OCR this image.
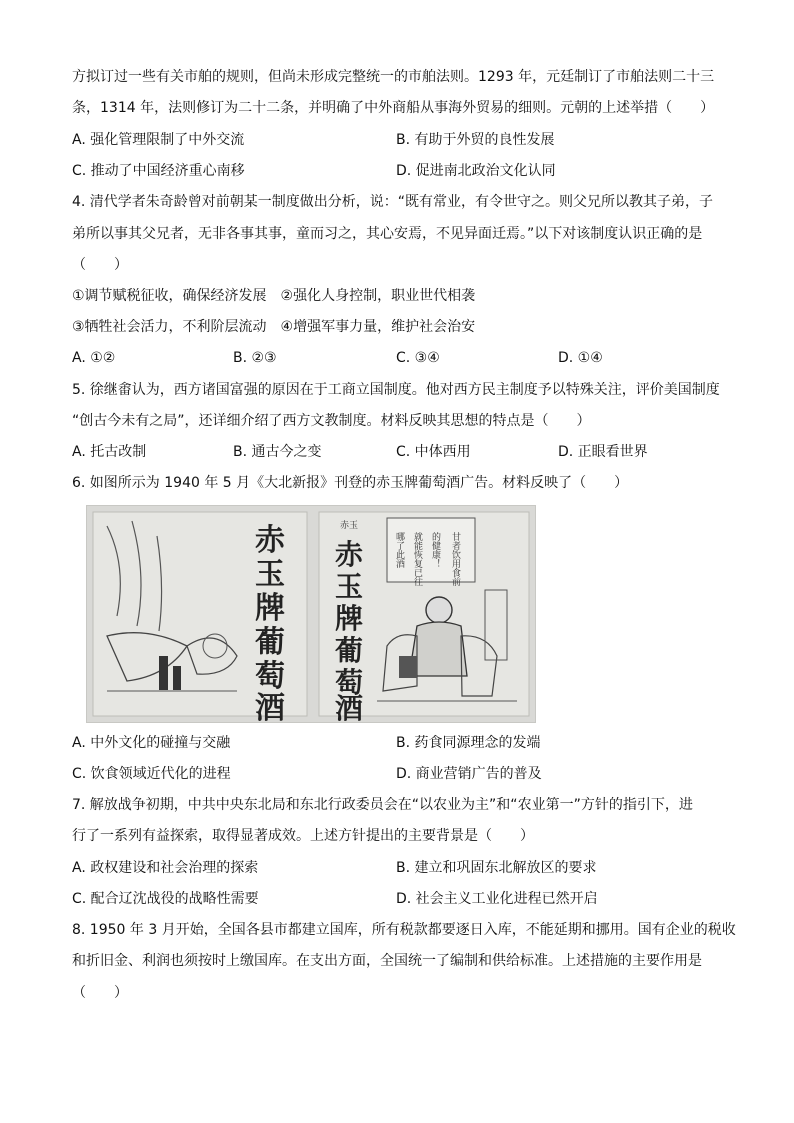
方拟订过一些有关市舶的规则，但尚未形成完整统一的市舶法则。1293 年，元廷制订了市舶法则二十三
条，1314 年，法则修订为二十二条，并明确了中外商船从事海外贸易的细则。元朝的上述举措（　　）
A. 强化管理限制了中外交流	B. 有助于外贸的良性发展
C. 推动了中国经济重心南移	D. 促进南北政治文化认同
4. 清代学者朱奇龄曾对前朝某一制度做出分析，说：“既有常业，有令世守之。则父兄所以教其子弟，子
弟所以事其父兄者，无非各事其事，童而习之，其心安焉，不见异面迁焉。”以下对该制度认识正确的是
（　　）
①调节赋税征收，确保经济发展　②强化人身控制，职业世代相袭
③牺牲社会活力，不利阶层流动　④增强军事力量，维护社会治安
A. ①②	B. ②③	C. ③④	D. ①④
5. 徐继畬认为，西方诸国富强的原因在于工商立国制度。他对西方民主制度予以特殊关注，评价美国制度
“创古今未有之局”，还详细介绍了西方文教制度。材料反映其思想的特点是（　　）
A. 托古改制	B. 通古今之变	C. 中体西用	D. 正眼看世界
6. 如图所示为 1940 年 5 月《大北新报》刊登的赤玉牌葡萄酒广告。材料反映了（　　）
赤
玉
牌
葡
萄
酒
赤玉
赤
玉
牌
葡
萄
酒
哪了此酒 就能恢复已往 的健康！ 甘者饮用食前
A. 中外文化的碰撞与交融	B. 药食同源理念的发端
C. 饮食领域近代化的进程	D. 商业营销广告的普及
7. 解放战争初期，中共中央东北局和东北行政委员会在“以农业为主”和“农业第一”方针的指引下，进
行了一系列有益探索，取得显著成效。上述方针提出的主要背景是（　　）
A. 政权建设和社会治理的探索	B. 建立和巩固东北解放区的要求
C. 配合辽沈战役的战略性需要	D. 社会主义工业化进程已然开启
8. 1950 年 3 月开始，全国各县市都建立国库，所有税款都要逐日入库，不能延期和挪用。国有企业的税收
和折旧金、利润也须按时上缴国库。在支出方面，全国统一了编制和供给标准。上述措施的主要作用是
（　　）
